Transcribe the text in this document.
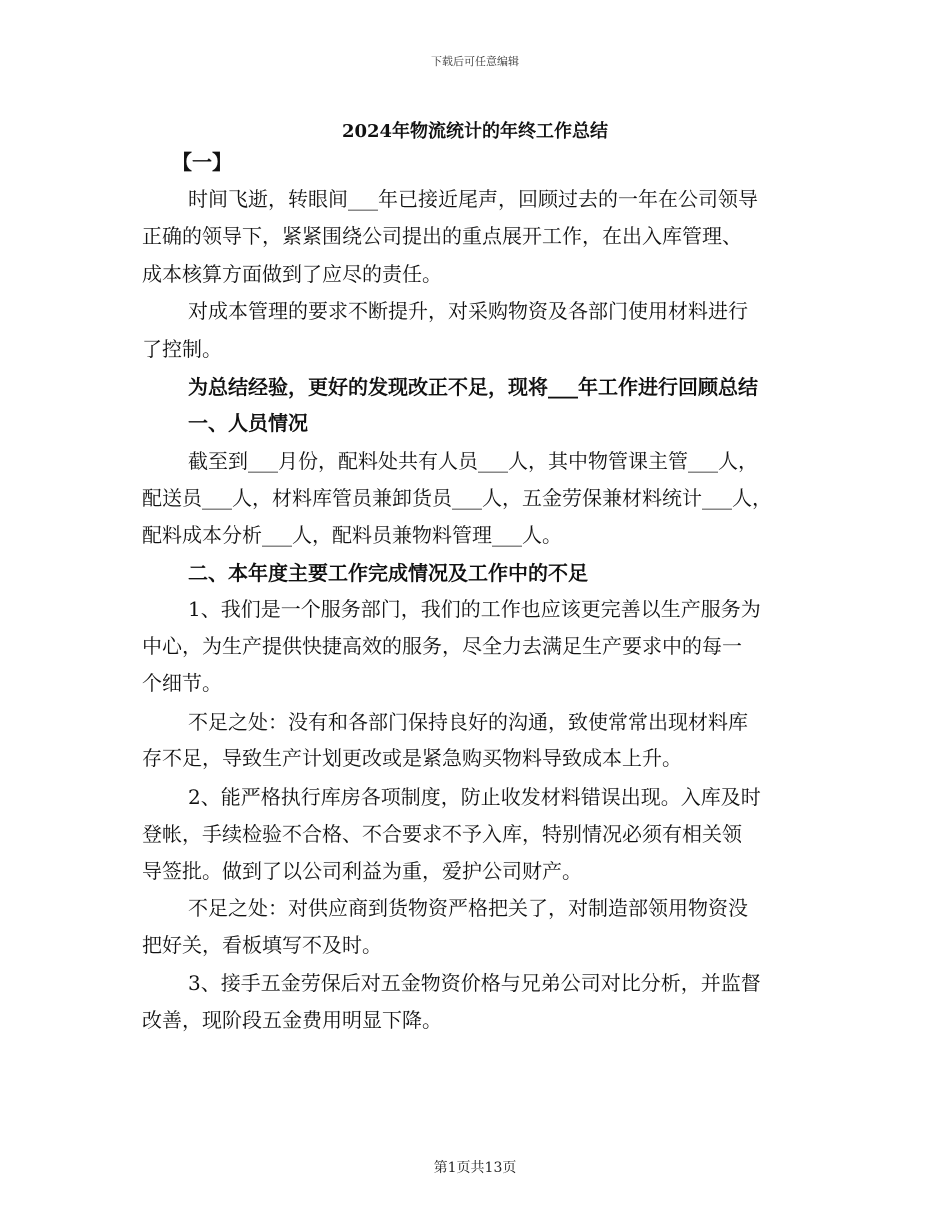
下载后可任意编辑
2024年物流统计的年终工作总结
【一】
时间飞逝，转眼间___年已接近尾声，回顾过去的一年在公司领导
正确的领导下，紧紧围绕公司提出的重点展开工作，在出入库管理、
成本核算方面做到了应尽的责任。
对成本管理的要求不断提升，对采购物资及各部门使用材料进行
了控制。
为总结经验，更好的发现改正不足，现将___年工作进行回顾总结
一、人员情况
截至到___月份，配料处共有人员___人，其中物管课主管___人，
配送员___人，材料库管员兼卸货员___人，五金劳保兼材料统计___人，
配料成本分析___人，配料员兼物料管理___人。
二、本年度主要工作完成情况及工作中的不足
1、我们是一个服务部门，我们的工作也应该更完善以生产服务为
中心，为生产提供快捷高效的服务，尽全力去满足生产要求中的每一
个细节。
不足之处：没有和各部门保持良好的沟通，致使常常出现材料库
存不足，导致生产计划更改或是紧急购买物料导致成本上升。
2、能严格执行库房各项制度，防止收发材料错误出现。入库及时
登帐，手续检验不合格、不合要求不予入库，特别情况必须有相关领
导签批。做到了以公司利益为重，爱护公司财产。
不足之处：对供应商到货物资严格把关了，对制造部领用物资没
把好关，看板填写不及时。
3、接手五金劳保后对五金物资价格与兄弟公司对比分析，并监督
改善，现阶段五金费用明显下降。
第1页共13页
